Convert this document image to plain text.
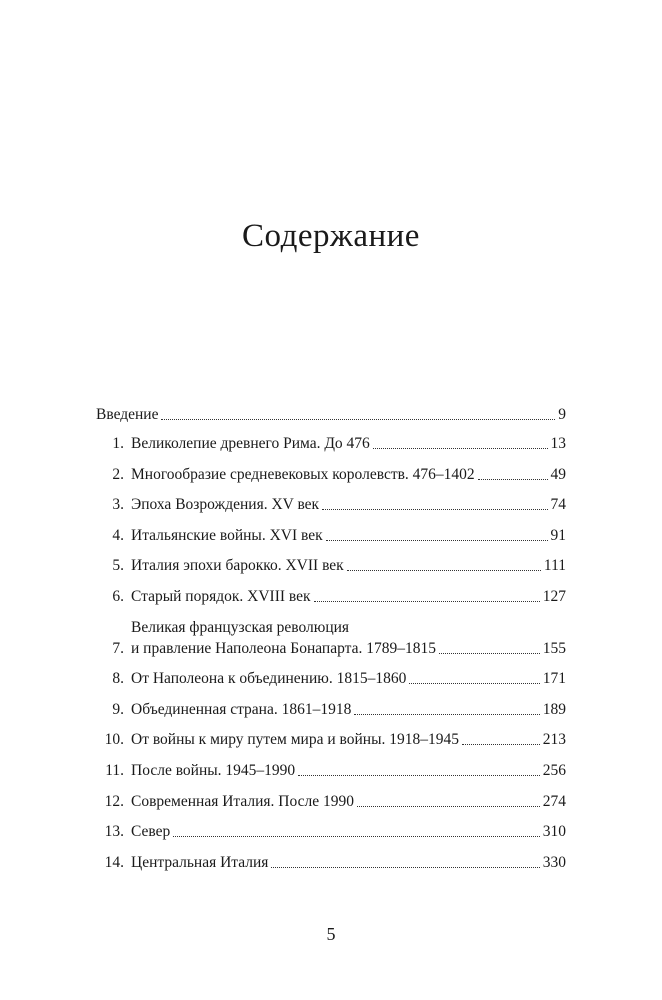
Содержание
Введение	9
1. Великолепие древнего Рима. До 476	13
2. Многообразие средневековых королевств. 476–1402	49
3. Эпоха Возрождения. XV век	74
4. Итальянские войны. XVI век	91
5. Италия эпохи барокко. XVII век	111
6. Старый порядок. XVIII век	127
7.
Великая французская революция
и правление Наполеона Бонапарта. 1789–1815	155
8. От Наполеона к объединению. 1815–1860	171
9. Объединенная страна. 1861–1918	189
10. От войны к миру путем мира и войны. 1918–1945	213
11. После войны. 1945–1990	256
12. Современная Италия. После 1990	274
13. Север	310
14. Центральная Италия	330
5
